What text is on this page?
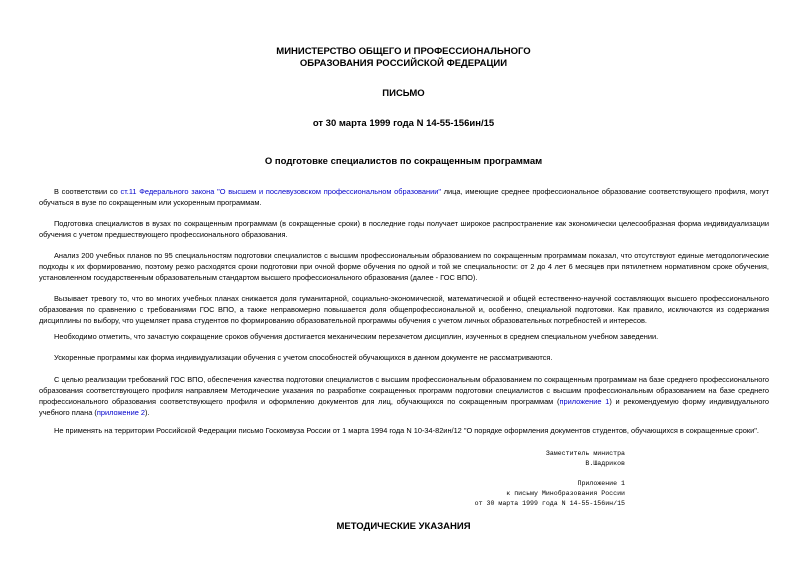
МИНИСТЕРСТВО ОБЩЕГО И ПРОФЕССИОНАЛЬНОГО
ОБРАЗОВАНИЯ РОССИЙСКОЙ ФЕДЕРАЦИИ
ПИСЬМО
от 30 марта 1999 года N 14-55-156ин/15
О подготовке специалистов по сокращенным программам
В соответствии со ст.11 Федерального закона "О высшем и послевузовском профессиональном образовании" лица, имеющие среднее профессиональное образование соответствующего профиля, могут обучаться в вузе по сокращенным или ускоренным программам.
Подготовка специалистов в вузах по сокращенным программам (в сокращенные сроки) в последние годы получает широкое распространение как экономически целесообразная форма индивидуализации обучения с учетом предшествующего профессионального образования.
Анализ 200 учебных планов по 95 специальностям подготовки специалистов с высшим профессиональным образованием по сокращенным программам показал, что отсутствуют единые методологические подходы к их формированию, поэтому резко расходятся сроки подготовки при очной форме обучения по одной и той же специальности: от 2 до 4 лет 6 месяцев при пятилетнем нормативном сроке обучения, установленном государственным образовательным стандартом высшего профессионального образования (далее - ГОС ВПО).
Вызывает тревогу то, что во многих учебных планах снижается доля гуманитарной, социально-экономической, математической и общей естественно-научной составляющих высшего профессионального образования по сравнению с требованиями ГОС ВПО, а также неправомерно повышается доля общепрофессиональной и, особенно, специальной подготовки. Как правило, исключаются из содержания дисциплины по выбору, что ущемляет права студентов по формированию образовательной программы обучения с учетом личных образовательных потребностей и интересов.
Необходимо отметить, что зачастую сокращение сроков обучения достигается механическим перезачетом дисциплин, изученных в среднем специальном учебном заведении.
Ускоренные программы как форма индивидуализации обучения с учетом способностей обучающихся в данном документе не рассматриваются.
С целью реализации требований ГОС ВПО, обеспечения качества подготовки специалистов с высшим профессиональным образованием по сокращенным программам на базе среднего профессионального образования соответствующего профиля направляем Методические указания по разработке сокращенных программ подготовки специалистов с высшим профессиональным образованием на базе среднего профессионального образования соответствующего профиля и оформлению документов для лиц, обучающихся по сокращенным программам (приложение 1) и рекомендуемую форму индивидуального учебного плана (приложение 2).
Не применять на территории Российской Федерации письмо Госкомвуза России от 1 марта 1994 года N 10-34-82ин/12 "О порядке оформления документов студентов, обучающихся в сокращенные сроки".
Заместитель министра
В.Шадриков
Приложение 1
к письму Минобразования России
от 30 марта 1999 года N 14-55-156ин/15
МЕТОДИЧЕСКИЕ УКАЗАНИЯ
